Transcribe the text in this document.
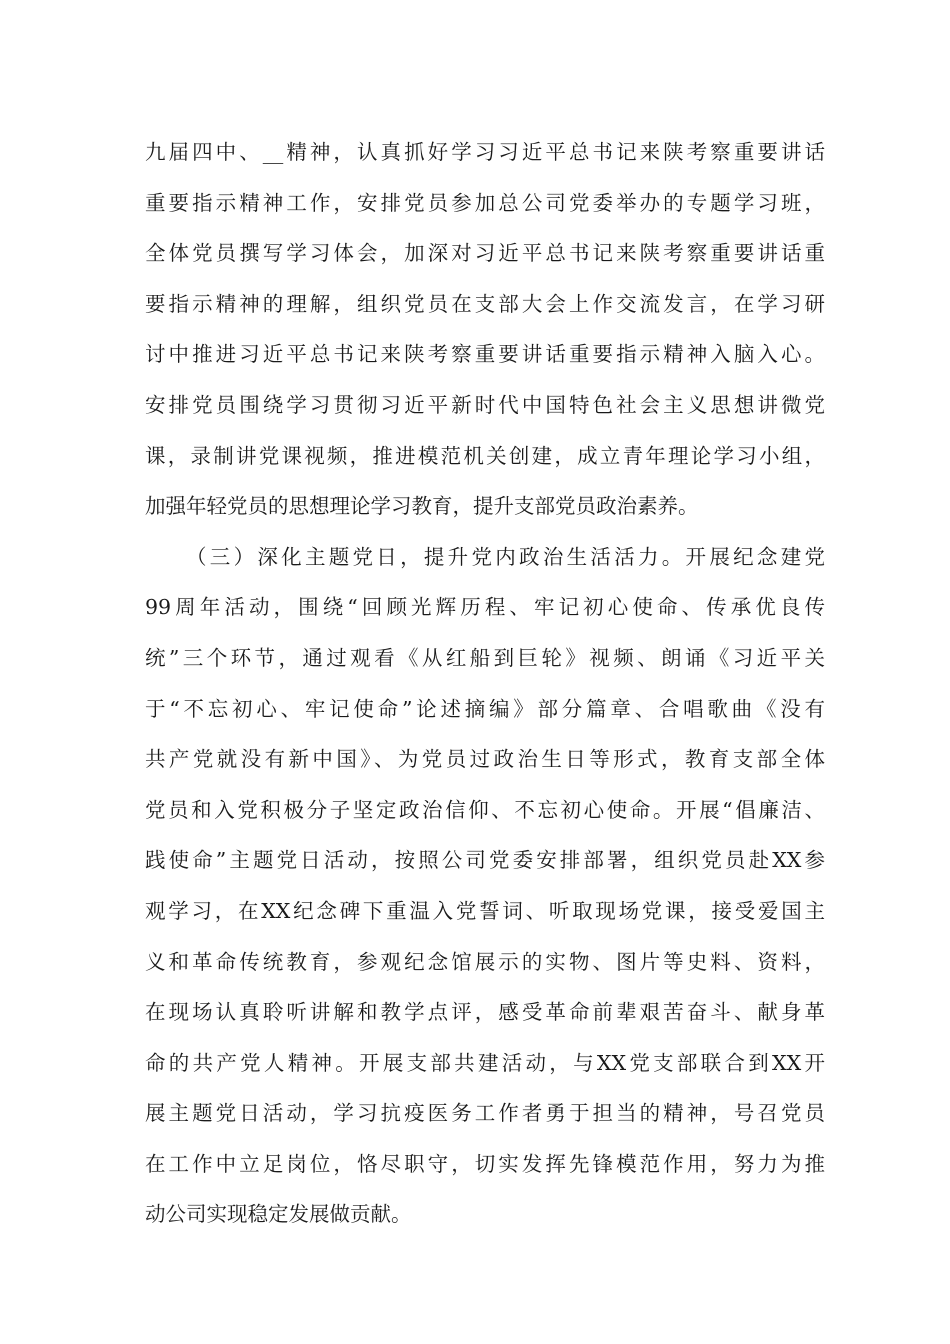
九届四中、__精神，认真抓好学习习近平总书记来陕考察重要讲话
重要指示精神工作，安排党员参加总公司党委举办的专题学习班，
全体党员撰写学习体会，加深对习近平总书记来陕考察重要讲话重
要指示精神的理解，组织党员在支部大会上作交流发言，在学习研
讨中推进习近平总书记来陕考察重要讲话重要指示精神入脑入心。
安排党员围绕学习贯彻习近平新时代中国特色社会主义思想讲微党
课，录制讲党课视频，推进模范机关创建，成立青年理论学习小组，
加强年轻党员的思想理论学习教育，提升支部党员政治素养。
（三）深化主题党日，提升党内政治生活活力。开展纪念建党
99周年活动，围绕“回顾光辉历程、牢记初心使命、传承优良传
统”三个环节，通过观看《从红船到巨轮》视频、朗诵《习近平关
于“不忘初心、牢记使命”论述摘编》部分篇章、合唱歌曲《没有
共产党就没有新中国》、为党员过政治生日等形式，教育支部全体
党员和入党积极分子坚定政治信仰、不忘初心使命。开展“倡廉洁、
践使命”主题党日活动，按照公司党委安排部署，组织党员赴XX参
观学习，在XX纪念碑下重温入党誓词、听取现场党课，接受爱国主
义和革命传统教育，参观纪念馆展示的实物、图片等史料、资料，
在现场认真聆听讲解和教学点评，感受革命前辈艰苦奋斗、献身革
命的共产党人精神。开展支部共建活动，与XX党支部联合到XX开
展主题党日活动，学习抗疫医务工作者勇于担当的精神，号召党员
在工作中立足岗位，恪尽职守，切实发挥先锋模范作用，努力为推
动公司实现稳定发展做贡献。
